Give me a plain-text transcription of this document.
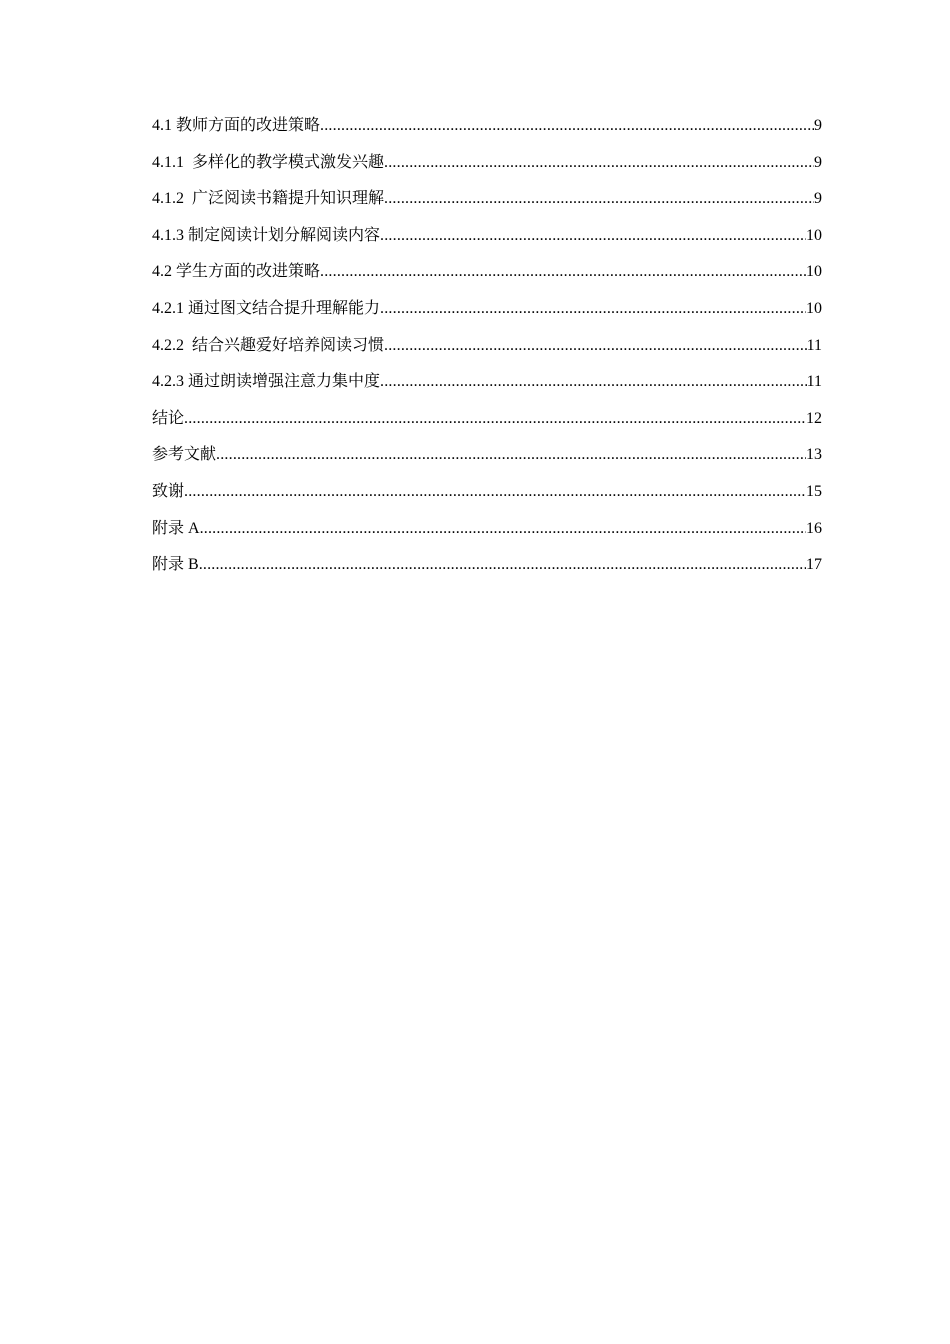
4.1 教师方面的改进策略 .....	9
4.1.1  多样化的教学模式激发兴趣 .....	9
4.1.2  广泛阅读书籍提升知识理解 .....	9
4.1.3 制定阅读计划分解阅读内容 .....	10
4.2 学生方面的改进策略 .....	10
4.2.1 通过图文结合提升理解能力 .....	10
4.2.2  结合兴趣爱好培养阅读习惯 .....	11
4.2.3 通过朗读增强注意力集中度 .....	11
结论 .....	12
参考文献 .....	13
致谢 .....	15
附录 A .....	16
附录 B .....	17
